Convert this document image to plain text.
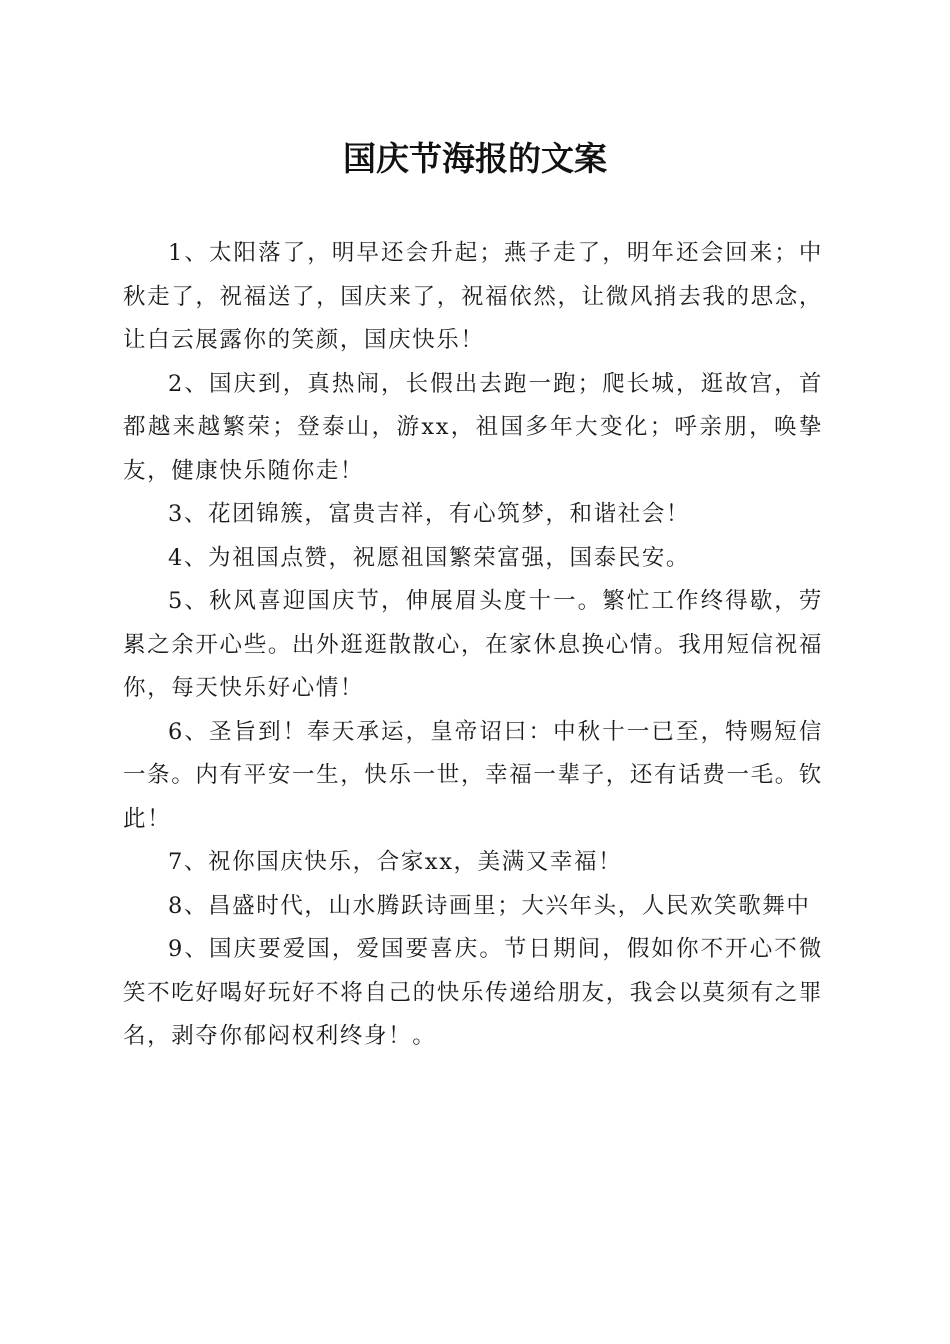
国庆节海报的文案

1、太阳落了，明早还会升起；燕子走了，明年还会回来；中秋走了，祝福送了，国庆来了，祝福依然，让微风捎去我的思念，让白云展露你的笑颜，国庆快乐！

2、国庆到，真热闹，长假出去跑一跑；爬长城，逛故宫，首都越来越繁荣；登泰山，游xx，祖国多年大变化；呼亲朋，唤挚友，健康快乐随你走！

3、花团锦簇，富贵吉祥，有心筑梦，和谐社会！

4、为祖国点赞，祝愿祖国繁荣富强，国泰民安。

5、秋风喜迎国庆节，伸展眉头度十一。繁忙工作终得歇，劳累之余开心些。出外逛逛散散心，在家休息换心情。我用短信祝福你，每天快乐好心情！

6、圣旨到！奉天承运，皇帝诏曰：中秋十一已至，特赐短信一条。内有平安一生，快乐一世，幸福一辈子，还有话费一毛。钦此！

7、祝你国庆快乐，合家xx，美满又幸福！

8、昌盛时代，山水腾跃诗画里；大兴年头，人民欢笑歌舞中

9、国庆要爱国，爱国要喜庆。节日期间，假如你不开心不微笑不吃好喝好玩好不将自己的快乐传递给朋友，我会以莫须有之罪名，剥夺你郁闷权利终身！。
